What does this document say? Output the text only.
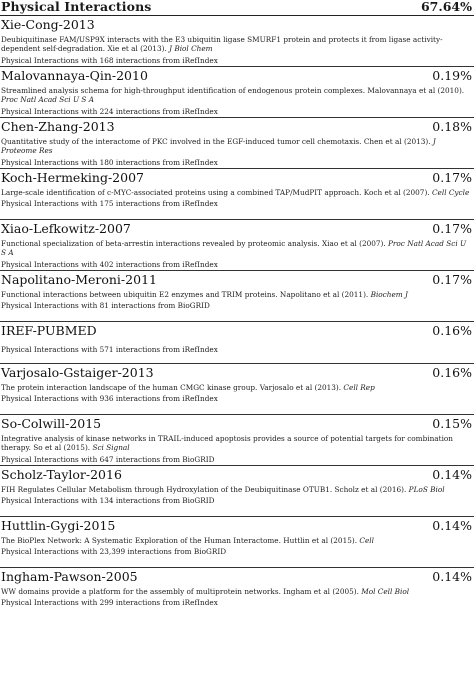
Physical Interactions	67.64%
Xie-Cong-2013
Deubiquitinase FAM/USP9X interacts with the E3 ubiquitin ligase SMURF1 protein and protects it from ligase activity-dependent self-degradation. Xie et al (2013). J Biol Chem
Physical Interactions with 168 interactions from iRefIndex
Malovannaya-Qin-2010	0.19%
Streamlined analysis schema for high-throughput identification of endogenous protein complexes. Malovannaya et al (2010). Proc Natl Acad Sci U S A
Physical Interactions with 224 interactions from iRefIndex
Chen-Zhang-2013	0.18%
Quantitative study of the interactome of PKC involved in the EGF-induced tumor cell chemotaxis. Chen et al (2013). J Proteome Res
Physical Interactions with 180 interactions from iRefIndex
Koch-Hermeking-2007	0.17%
Large-scale identification of c-MYC-associated proteins using a combined TAP/MudPIT approach. Koch et al (2007). Cell Cycle
Physical Interactions with 175 interactions from iRefIndex
Xiao-Lefkowitz-2007	0.17%
Functional specialization of beta-arrestin interactions revealed by proteomic analysis. Xiao et al (2007). Proc Natl Acad Sci U S A
Physical Interactions with 402 interactions from iRefIndex
Napolitano-Meroni-2011	0.17%
Functional interactions between ubiquitin E2 enzymes and TRIM proteins. Napolitano et al (2011). Biochem J
Physical Interactions with 81 interactions from BioGRID
IREF-PUBMED	0.16%
Physical Interactions with 571 interactions from iRefIndex
Varjosalo-Gstaiger-2013	0.16%
The protein interaction landscape of the human CMGC kinase group. Varjosalo et al (2013). Cell Rep
Physical Interactions with 936 interactions from iRefIndex
So-Colwill-2015	0.15%
Integrative analysis of kinase networks in TRAIL-induced apoptosis provides a source of potential targets for combination therapy. So et al (2015). Sci Signal
Physical Interactions with 647 interactions from BioGRID
Scholz-Taylor-2016	0.14%
FIH Regulates Cellular Metabolism through Hydroxylation of the Deubiquitinase OTUB1. Scholz et al (2016). PLoS Biol
Physical Interactions with 134 interactions from BioGRID
Huttlin-Gygi-2015	0.14%
The BioPlex Network: A Systematic Exploration of the Human Interactome. Huttlin et al (2015). Cell
Physical Interactions with 23,399 interactions from BioGRID
Ingham-Pawson-2005	0.14%
WW domains provide a platform for the assembly of multiprotein networks. Ingham et al (2005). Mol Cell Biol
Physical Interactions with 299 interactions from iRefIndex
